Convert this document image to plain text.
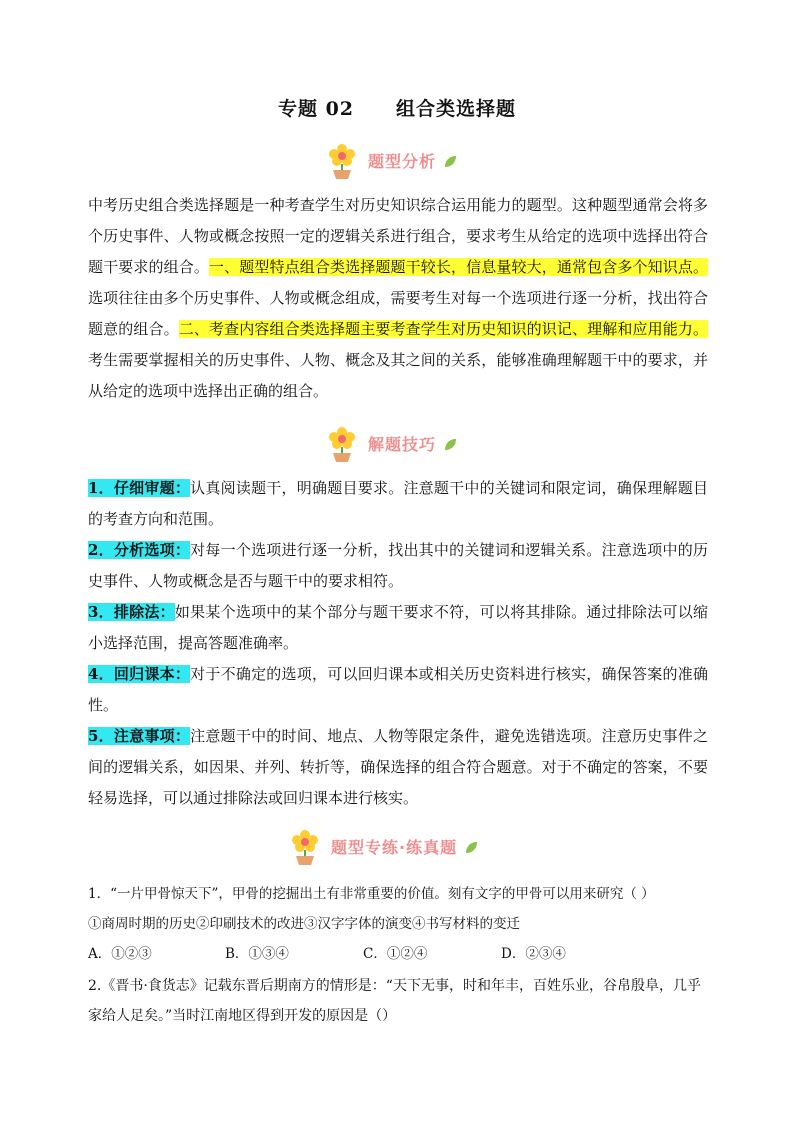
专题 02 组合类选择题
题型分析
中考历史组合类选择题是一种考查学生对历史知识综合运用能力的题型。这种题型通常会将多个历史事件、人物或概念按照一定的逻辑关系进行组合，要求考生从给定的选项中选择出符合题干要求的组合。一、题型特点组合类选择题题干较长，信息量较大，通常包含多个知识点。选项往往由多个历史事件、人物或概念组成，需要考生对每一个选项进行逐一分析，找出符合题意的组合。二、考查内容组合类选择题主要考查学生对历史知识的识记、理解和应用能力。考生需要掌握相关的历史事件、人物、概念及其之间的关系，能够准确理解题干中的要求，并从给定的选项中选择出正确的组合。
解题技巧
1．仔细审题：认真阅读题干，明确题目要求。注意题干中的关键词和限定词，确保理解题目的考查方向和范围。
2．分析选项：对每一个选项进行逐一分析，找出其中的关键词和逻辑关系。注意选项中的历史事件、人物或概念是否与题干中的要求相符。
3．排除法：如果某个选项中的某个部分与题干要求不符，可以将其排除。通过排除法可以缩小选择范围，提高答题准确率。
4．回归课本：对于不确定的选项，可以回归课本或相关历史资料进行核实，确保答案的准确性。
5．注意事项：注意题干中的时间、地点、人物等限定条件，避免选错选项。注意历史事件之间的逻辑关系，如因果、并列、转折等，确保选择的组合符合题意。对于不确定的答案，不要轻易选择，可以通过排除法或回归课本进行核实。
题型专练·练真题
1．“一片甲骨惊天下”，甲骨的挖掘出土有非常重要的价值。刻有文字的甲骨可以用来研究（ ）
①商周时期的历史②印刷技术的改进③汉字字体的演变④书写材料的变迁
A．①②③	B．①③④	C．①②④	D．②③④
2.《晋书·食货志》记载东晋后期南方的情形是：“天下无事，时和年丰，百姓乐业，谷帛殷阜，几乎家给人足矣。”当时江南地区得到开发的原因是（）
